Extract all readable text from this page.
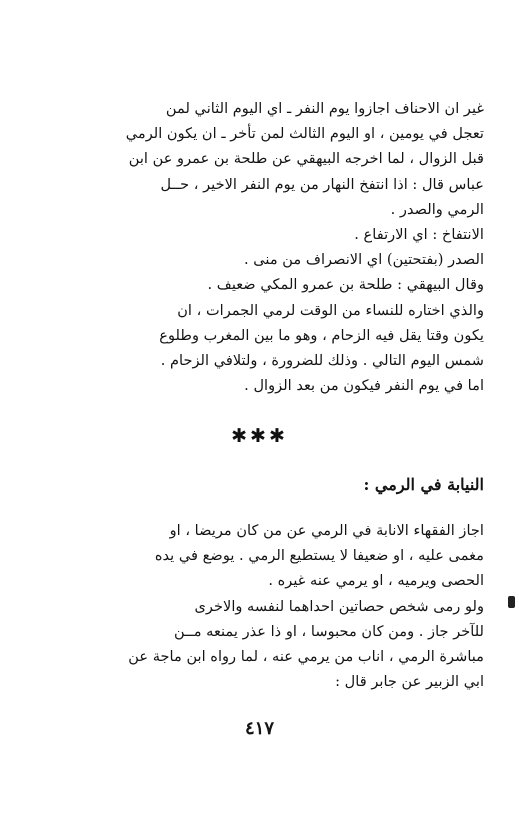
غير ان الاحناف اجازوا يوم النفر ـ اي اليوم الثاني لمن
تعجل في يومين ، او اليوم الثالث لمن تأخر ـ ان يكون الرمي
قبل الزوال ، لما اخرجه البيهقي عن طلحة بن عمرو عن ابن
عباس قال : اذا انتفخ النهار من يوم النفر الاخير ، حــل
الرمي والصدر .
الانتفاخ : اي الارتفاع .
الصدر (بفتحتين) اي الانصراف من منى .
وقال البيهقي : طلحة بن عمرو المكي ضعيف .
والذي اختاره للنساء من الوقت لرمي الجمرات ، ان
يكون وقتا يقل فيه الزحام ، وهو ما بين المغرب وطلوع
شمس اليوم التالي . وذلك للضرورة ، ولتلافي الزحام .
اما في يوم النفر فيكون من بعد الزوال .
✱✱✱
النيابة في الرمي :
اجاز الفقهاء الانابة في الرمي عن من كان مريضا ، او
مغمى عليه ، او ضعيفا لا يستطيع الرمي . يوضع في يده
الحصى ويرميه ، او يرمي عنه غيره .
ولو رمى شخص حصاتين احداهما لنفسه والاخرى
للآخر جاز . ومن كان محبوسا ، او ذا عذر يمنعه مــن
مباشرة الرمي ، اناب من يرمي عنه ، لما رواه ابن ماجة عن
ابي الزبير عن جابر قال :
٤١٧
